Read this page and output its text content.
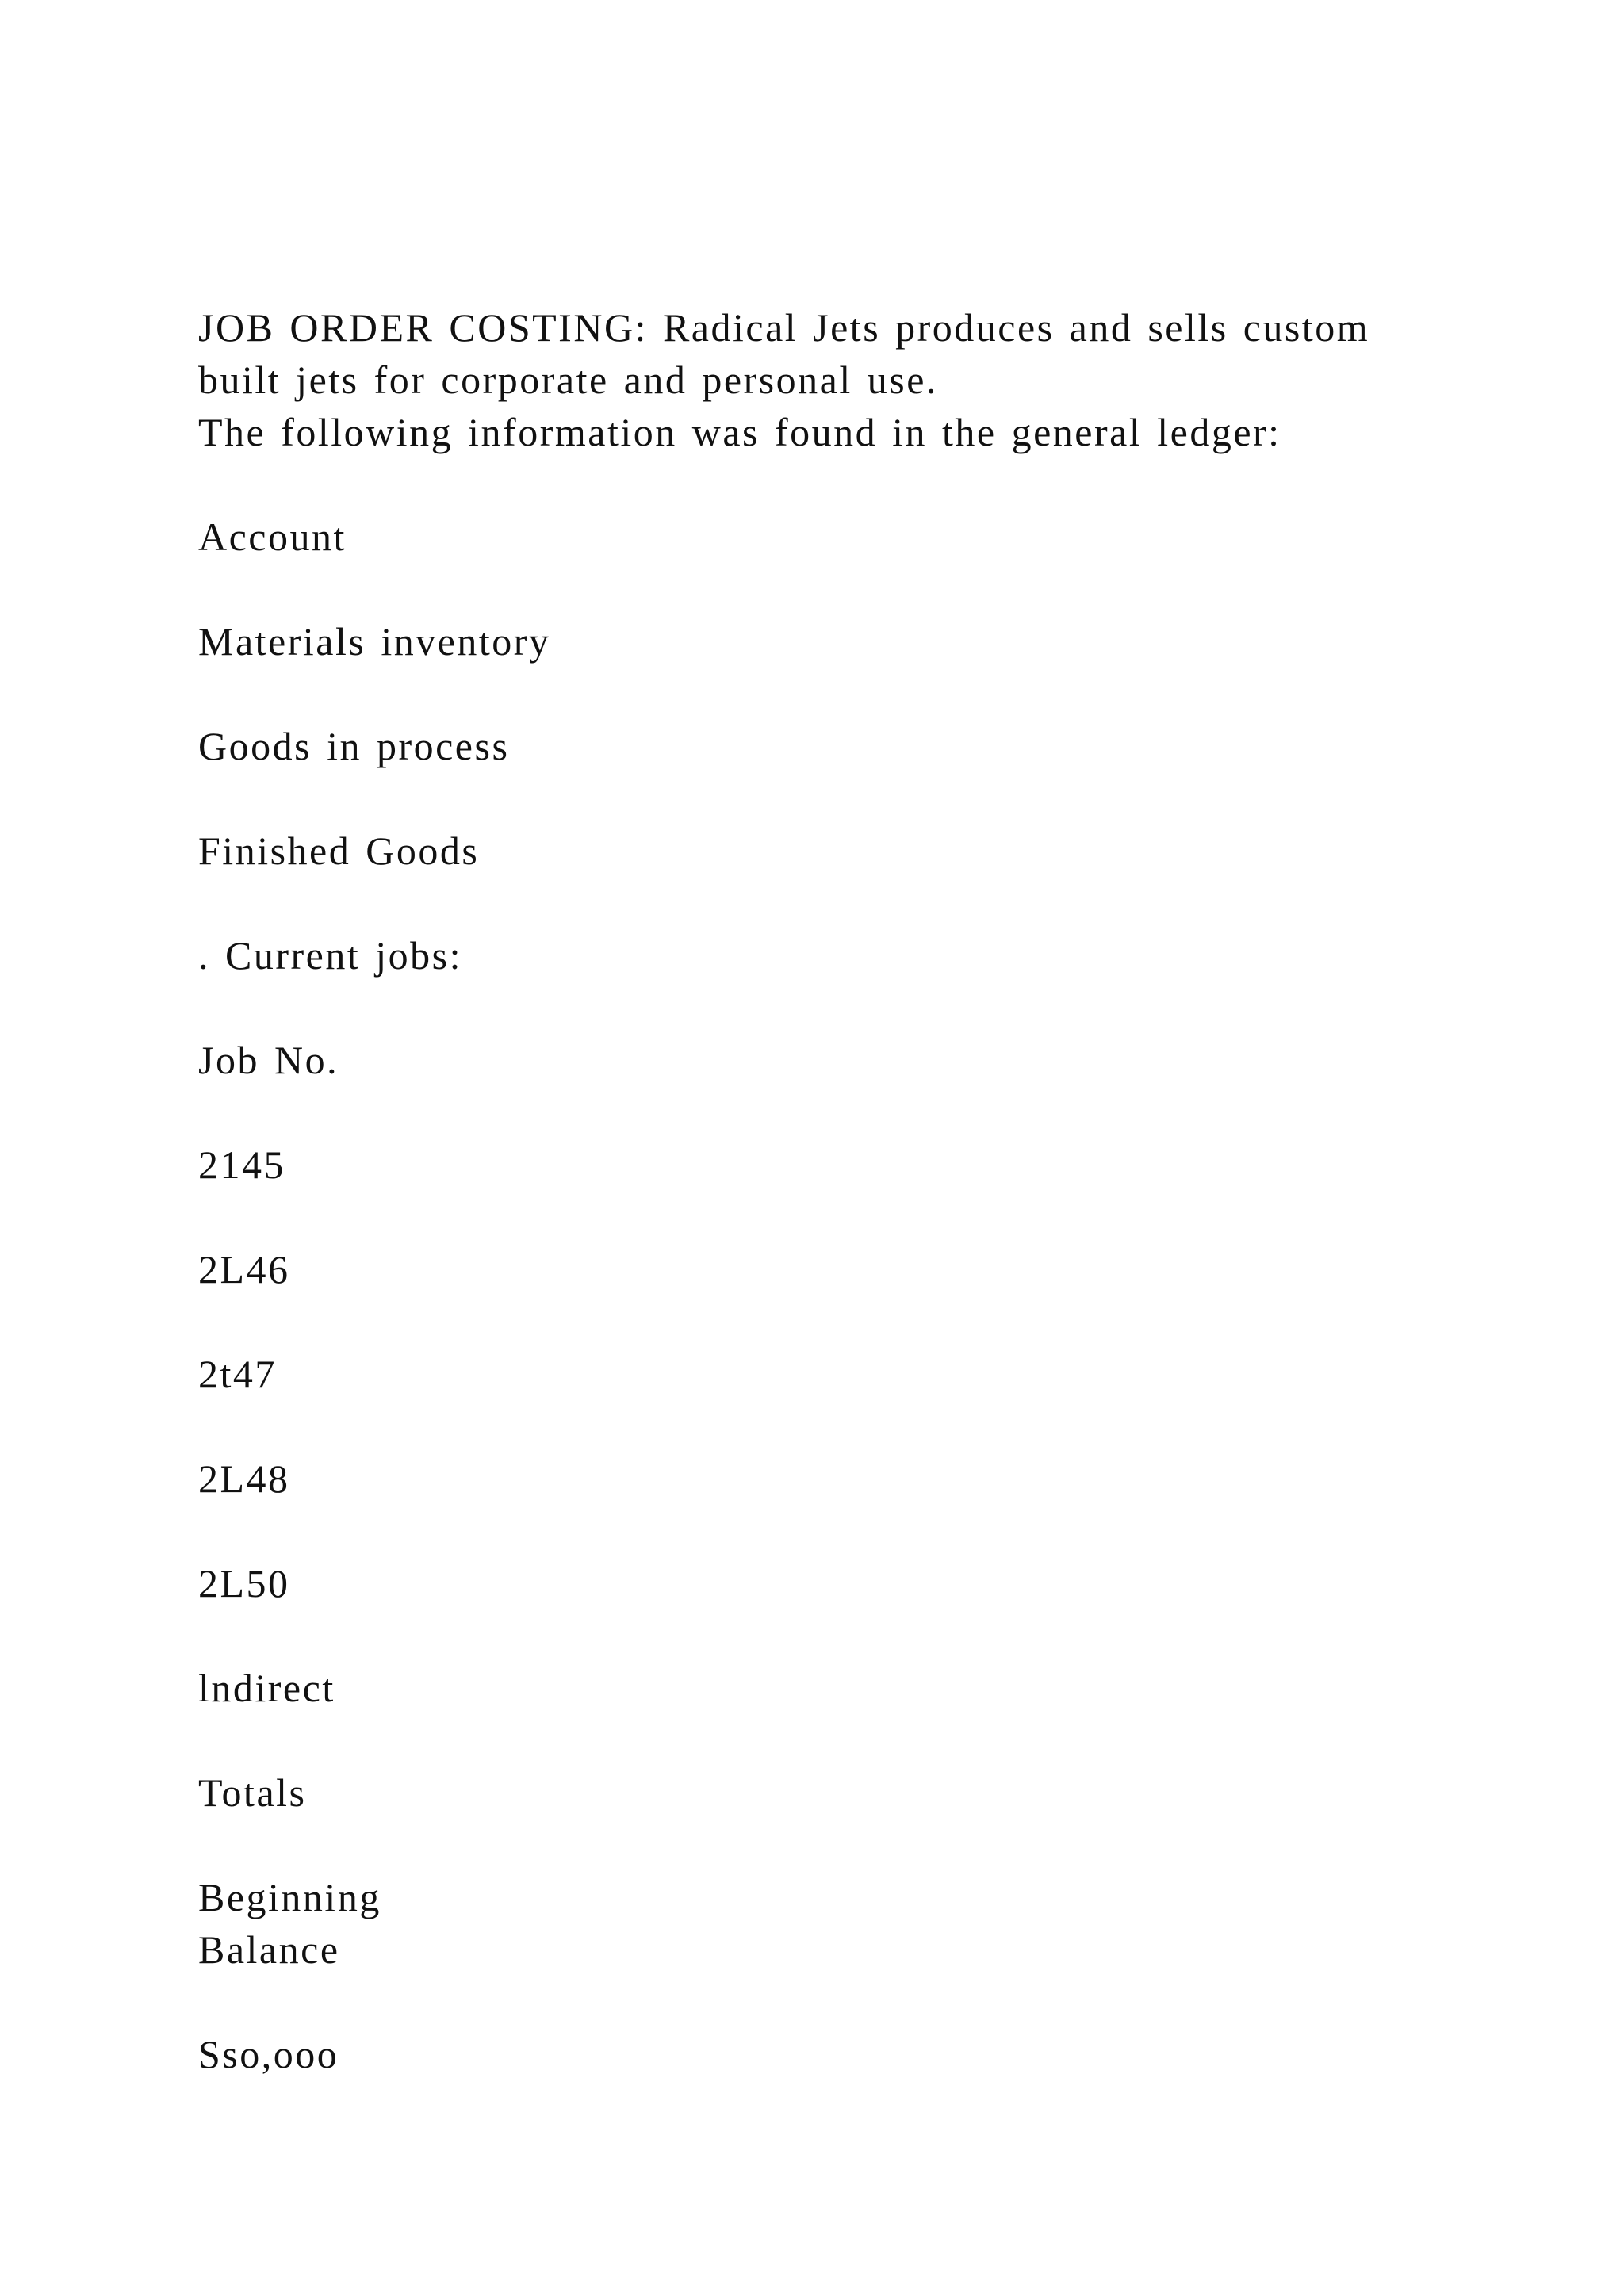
JOB ORDER COSTING: Radical Jets produces and sells custom
built jets for corporate and personal use.
The following information was found in the general ledger:

Account

Materials inventory

Goods in process

Finished Goods

. Current jobs:

Job No.

2145

2L46

2t47

2L48

2L50

lndirect

Totals

Beginning
Balance

Sso,ooo
